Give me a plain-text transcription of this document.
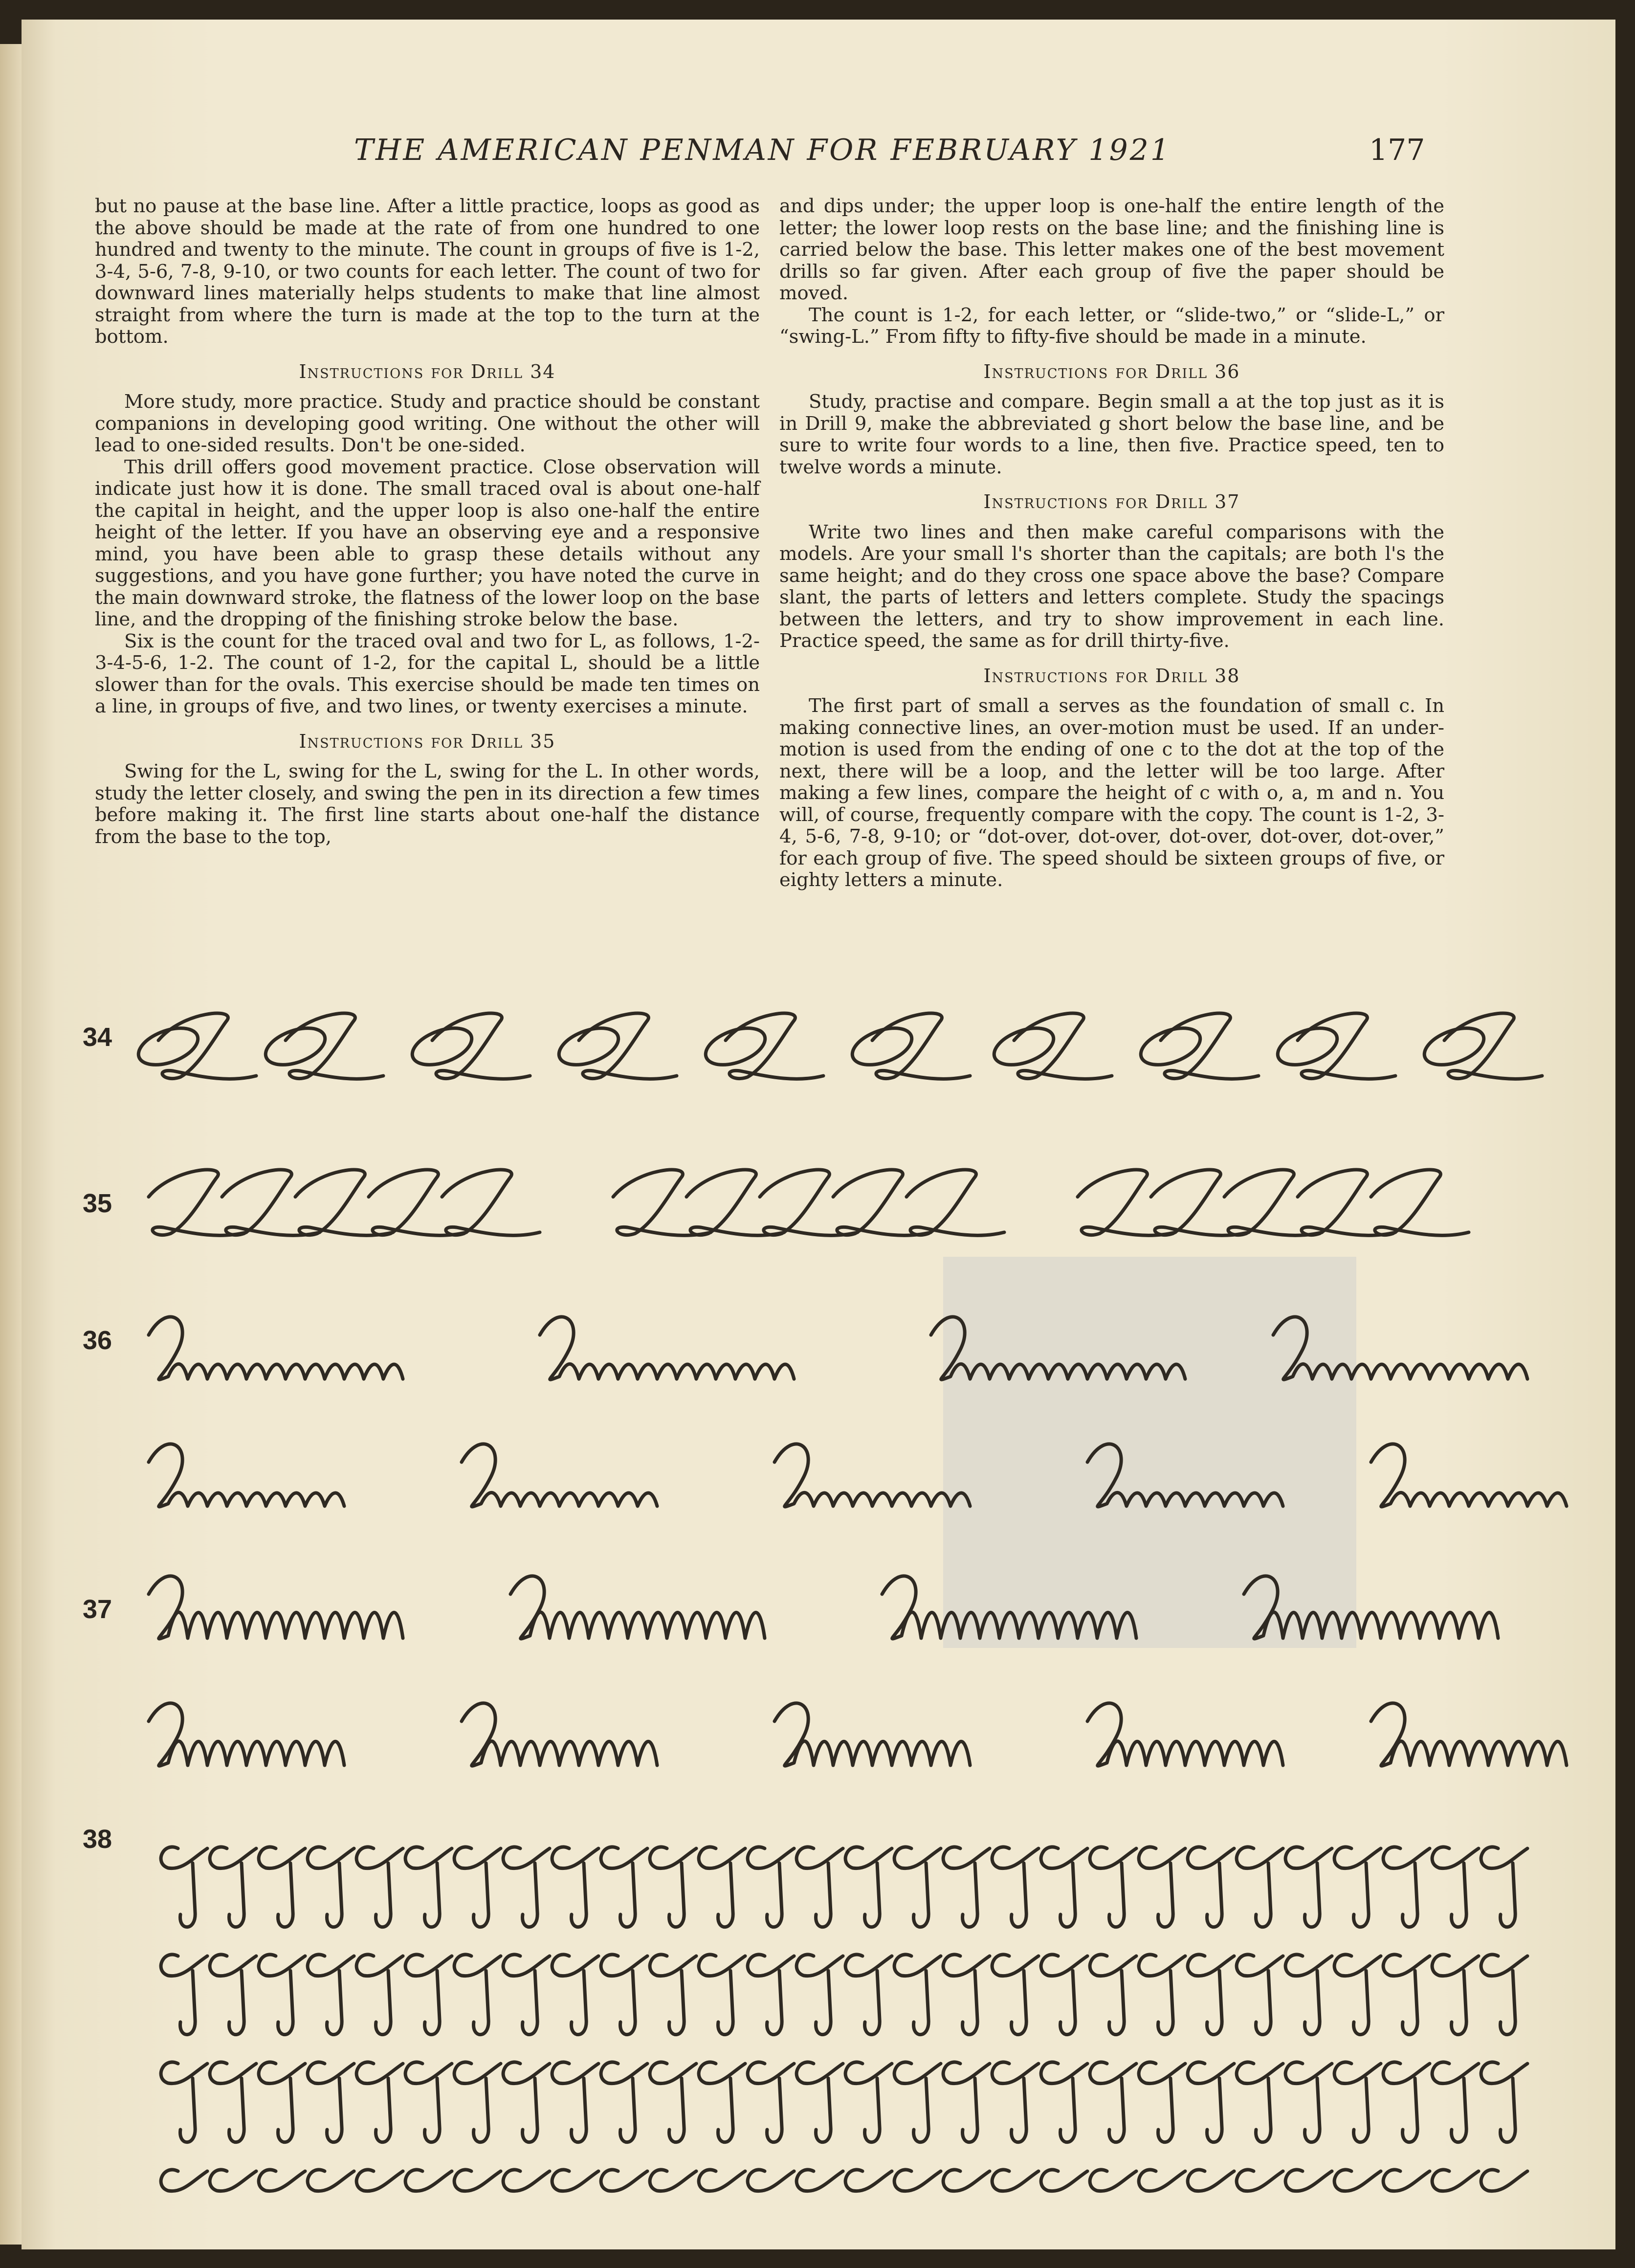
THE AMERICAN PENMAN FOR FEBRUARY 1921	177

but no pause at the base line. After a little practice, loops as good as the above should be made at the rate of from one hundred to one hundred and twenty to the minute. The count in groups of five is 1-2, 3-4, 5-6, 7-8, 9-10, or two counts for each letter. The count of two for downward lines materially helps students to make that line almost straight from where the turn is made at the top to the turn at the bottom.

Instructions for Drill 34

More study, more practice. Study and practice should be constant companions in developing good writing. One without the other will lead to one-sided results. Don't be one-sided.

This drill offers good movement practice. Close observation will indicate just how it is done. The small traced oval is about one-half the capital in height, and the upper loop is also one-half the entire height of the letter. If you have an observing eye and a responsive mind, you have been able to grasp these details without any suggestions, and you have gone further; you have noted the curve in the main downward stroke, the flatness of the lower loop on the base line, and the dropping of the finishing stroke below the base.

Six is the count for the traced oval and two for L, as follows, 1-2-3-4-5-6, 1-2. The count of 1-2, for the capital L, should be a little slower than for the ovals. This exercise should be made ten times on a line, in groups of five, and two lines, or twenty exercises a minute.

Instructions for Drill 35

Swing for the L, swing for the L, swing for the L. In other words, study the letter closely, and swing the pen in its direction a few times before making it. The first line starts about one-half the distance from the base to the top,

and dips under; the upper loop is one-half the entire length of the letter; the lower loop rests on the base line; and the finishing line is carried below the base. This letter makes one of the best movement drills so far given. After each group of five the paper should be moved.

The count is 1-2, for each letter, or “slide-two,” or “slide-L,” or “swing-L.” From fifty to fifty-five should be made in a minute.

Instructions for Drill 36

Study, practise and compare. Begin small a at the top just as it is in Drill 9, make the abbreviated g short below the base line, and be sure to write four words to a line, then five. Practice speed, ten to twelve words a minute.

Instructions for Drill 37

Write two lines and then make careful comparisons with the models. Are your small l's shorter than the capitals; are both l's the same height; and do they cross one space above the base? Compare slant, the parts of letters and letters complete. Study the spacings between the letters, and try to show improvement in each line. Practice speed, the same as for drill thirty-five.

Instructions for Drill 38

The first part of small a serves as the foundation of small c. In making connective lines, an over-motion must be used. If an under-motion is used from the ending of one c to the dot at the top of the next, there will be a loop, and the letter will be too large. After making a few lines, compare the height of c with o, a, m and n. You will, of course, frequently compare with the copy. The count is 1-2, 3-4, 5-6, 7-8, 9-10; or “dot-over, dot-over, dot-over, dot-over, dot-over,” for each group of five. The speed should be sixteen groups of five, or eighty letters a minute.

34
35
36
37
38
